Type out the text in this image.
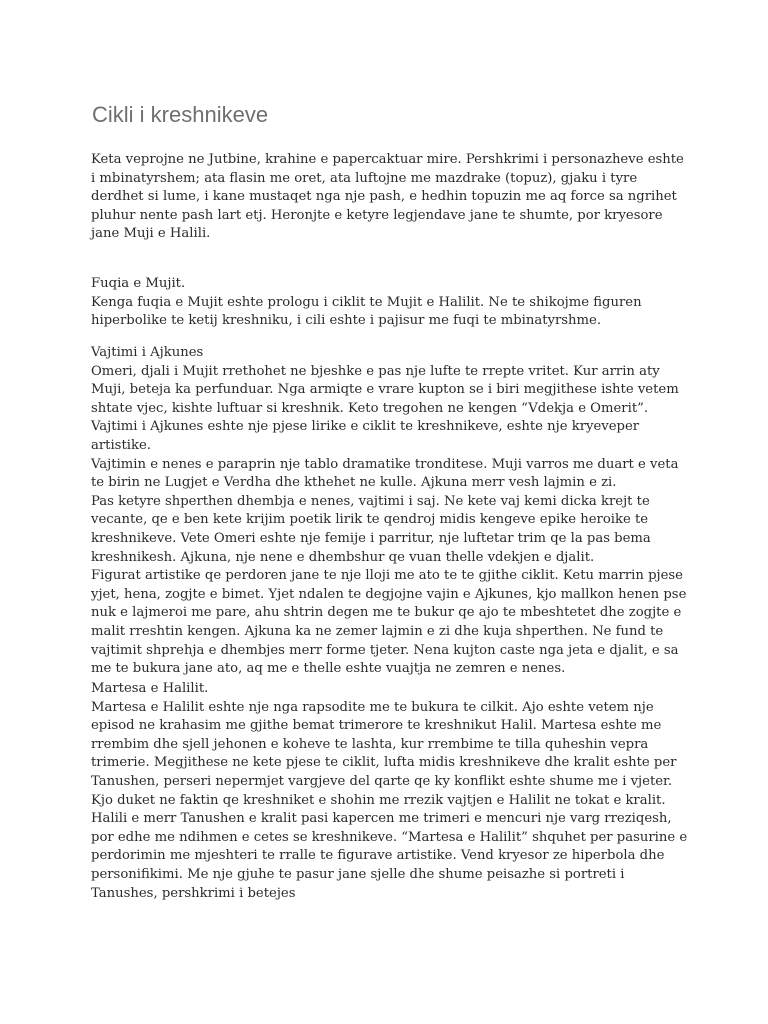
Cikli i kreshnikeve
Keta veprojne ne Jutbine, krahine e papercaktuar mire. Pershkrimi i personazheve eshte
i mbinatyrshem; ata flasin me oret, ata luftojne me mazdrake (topuz), gjaku i tyre
derdhet si lume, i kane mustaqet nga nje pash, e hedhin topuzin me aq force sa ngrihet
pluhur nente pash lart etj. Heronjte e ketyre legjendave jane te shumte, por kryesore
jane Muji e Halili.
Fuqia e Mujit.
Kenga fuqia e Mujit eshte prologu i ciklit te Mujit e Halilit. Ne te shikojme figuren
hiperbolike te ketij kreshniku, i cili eshte i pajisur me fuqi te mbinatyrshme.
Vajtimi i Ajkunes
Omeri, djali i Mujit rrethohet ne bjeshke e pas nje lufte te rrepte vritet. Kur arrin aty
Muji, beteja ka perfunduar. Nga armiqte e vrare kupton se i biri megjithese ishte vetem
shtate vjec, kishte luftuar si kreshnik. Keto tregohen ne kengen “Vdekja e Omerit”.
Vajtimi i Ajkunes eshte nje pjese lirike e ciklit te kreshnikeve, eshte nje kryeveper
artistike.
Vajtimin e nenes e paraprin nje tablo dramatike tronditese. Muji varros me duart e veta
te birin ne Lugjet e Verdha dhe kthehet ne kulle. Ajkuna merr vesh lajmin e zi.
Pas ketyre shperthen dhembja e nenes, vajtimi i saj. Ne kete vaj kemi dicka krejt te
vecante, qe e ben kete krijim poetik lirik te qendroj midis kengeve epike heroike te
kreshnikeve. Vete Omeri eshte nje femije i parritur, nje luftetar trim qe la pas bema
kreshnikesh. Ajkuna, nje nene e dhembshur qe vuan thelle vdekjen e djalit.
Figurat artistike qe perdoren jane te nje lloji me ato te te gjithe ciklit. Ketu marrin pjese
yjet, hena, zogjte e bimet. Yjet ndalen te degjojne vajin e Ajkunes, kjo mallkon henen pse
nuk e lajmeroi me pare, ahu shtrin degen me te bukur qe ajo te mbeshtetet dhe zogjte e
malit rreshtin kengen. Ajkuna ka ne zemer lajmin e zi dhe kuja shperthen. Ne fund te
vajtimit shprehja e dhembjes merr forme tjeter. Nena kujton caste nga jeta e djalit, e sa
me te bukura jane ato, aq me e thelle eshte vuajtja ne zemren e nenes.
Martesa e Halilit.
Martesa e Halilit eshte nje nga rapsodite me te bukura te cilkit. Ajo eshte vetem nje
episod ne krahasim me gjithe bemat trimerore te kreshnikut Halil. Martesa eshte me
rrembim dhe sjell jehonen e koheve te lashta, kur rrembime te tilla quheshin vepra
trimerie. Megjithese ne kete pjese te ciklit, lufta midis kreshnikeve dhe kralit eshte per
Tanushen, perseri nepermjet vargjeve del qarte qe ky konflikt eshte shume me i vjeter.
Kjo duket ne faktin qe kreshniket e shohin me rrezik vajtjen e Halilit ne tokat e kralit.
Halili e merr Tanushen e kralit pasi kapercen me trimeri e mencuri nje varg rreziqesh,
por edhe me ndihmen e cetes se kreshnikeve. “Martesa e Halilit” shquhet per pasurine e
perdorimin me mjeshteri te rralle te figurave artistike. Vend kryesor ze hiperbola dhe
personifikimi. Me nje gjuhe te pasur jane sjelle dhe shume peisazhe si portreti i
Tanushes, pershkrimi i betejes
